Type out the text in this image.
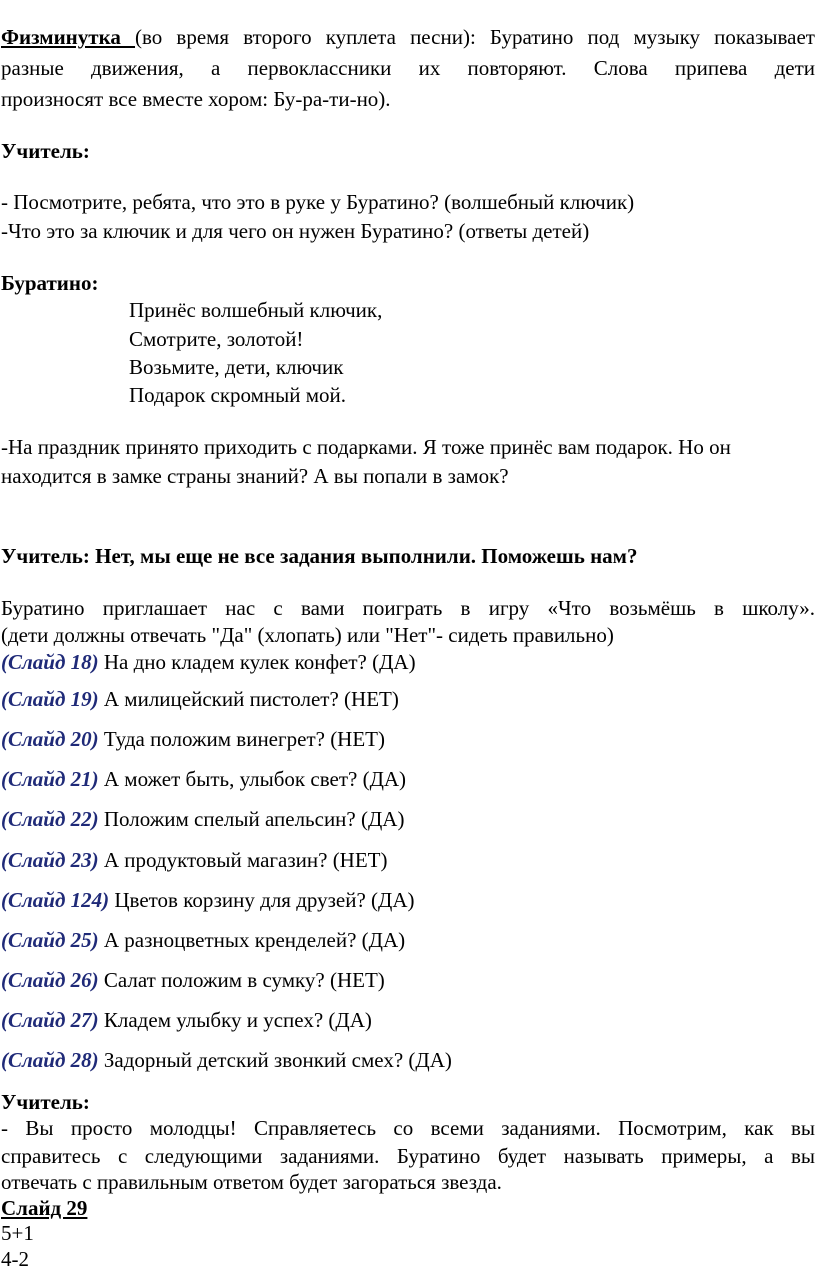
Физминутка (во время второго куплета песни): Буратино под музыку показывает
разные движения, а первоклассники их повторяют. Слова припева дети
произносят все вместе хором: Бу-ра-ти-но).
Учитель:
- Посмотрите, ребята, что это в руке у Буратино? (волшебный ключик)
-Что это за ключик и для чего он нужен Буратино? (ответы детей)
Буратино:
Принёс волшебный ключик,
Смотрите, золотой!
Возьмите, дети, ключик
Подарок скромный мой.
-На праздник принято приходить с подарками. Я тоже принёс вам подарок. Но он
находится в замке страны знаний? А вы попали в замок?
Учитель: Нет, мы еще не все задания выполнили. Поможешь нам?
Буратино приглашает нас с вами поиграть в игру «Что возьмёшь в школу».
(дети должны отвечать "Да" (хлопать) или "Нет"- сидеть правильно)
(Слайд 18) На дно кладем кулек конфет? (ДА)
(Слайд 19) А милицейский пистолет? (НЕТ)
(Слайд 20) Туда положим винегрет? (НЕТ)
(Слайд 21) А может быть, улыбок свет? (ДА)
(Слайд 22) Положим спелый апельсин? (ДА)
(Слайд 23) А продуктовый магазин? (НЕТ)
(Слайд 124) Цветов корзину для друзей? (ДА)
(Слайд 25) А разноцветных кренделей? (ДА)
(Слайд 26) Салат положим в сумку? (НЕТ)
(Слайд 27) Кладем улыбку и успех? (ДА)
(Слайд 28) Задорный детский звонкий смех? (ДА)
Учитель:
- Вы просто молодцы! Справляетесь со всеми заданиями. Посмотрим, как вы
справитесь с следующими заданиями. Буратино будет называть примеры, а вы
отвечать с правильным ответом будет загораться звезда.
Слайд 29
5+1
4-2
